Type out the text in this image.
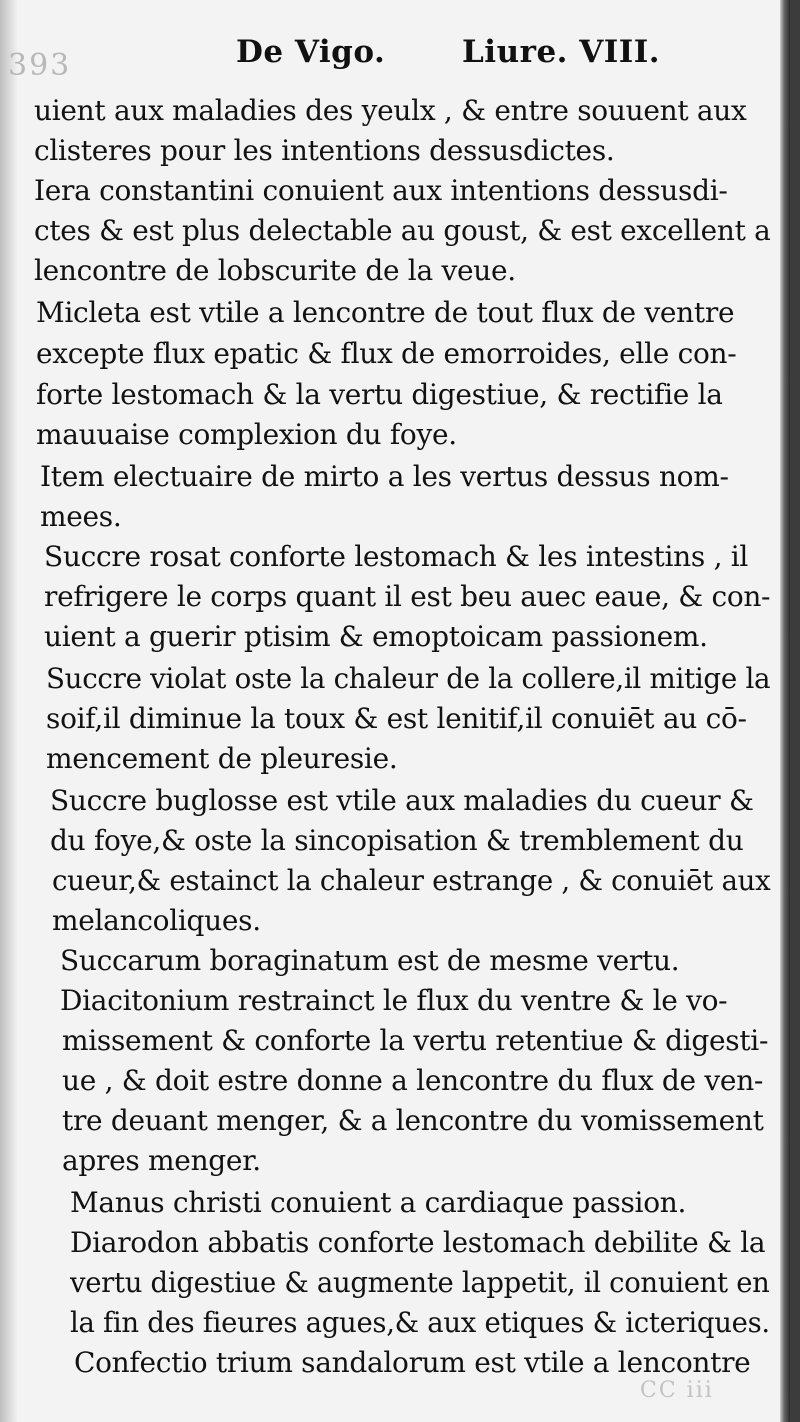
393
CC iii
De Vigo. Liure. VIII.
uient aux maladies des yeulx , & entre souuent aux
clisteres pour les intentions dessusdictes.
Iera constantini conuient aux intentions dessusdi-
ctes & est plus delectable au goust, & est excellent a
lencontre de lobscurite de la veue.
Micleta est vtile a lencontre de tout flux de ventre
excepte flux epatic & flux de emorroides, elle con-
forte lestomach & la vertu digestiue, & rectifie la
mauuaise complexion du foye.
Item electuaire de mirto a les vertus dessus nom-
mees.
Succre rosat conforte lestomach & les intestins , il
refrigere le corps quant il est beu auec eaue, & con-
uient a guerir ptisim & emoptoicam passionem.
Succre violat oste la chaleur de la collere,il mitige la
soif,il diminue la toux & est lenitif,il conuiēt au cō-
mencement de pleuresie.
Succre buglosse est vtile aux maladies du cueur &
du foye,& oste la sincopisation & tremblement du
cueur,& estainct la chaleur estrange , & conuiēt aux
melancoliques.
Succarum boraginatum est de mesme vertu.
Diacitonium restrainct le flux du ventre & le vo-
missement & conforte la vertu retentiue & digesti-
ue , & doit estre donne a lencontre du flux de ven-
tre deuant menger, & a lencontre du vomissement
apres menger.
Manus christi conuient a cardiaque passion.
Diarodon abbatis conforte lestomach debilite & la
vertu digestiue & augmente lappetit, il conuient en
la fin des fieures agues,& aux etiques & icteriques.
Confectio trium sandalorum est vtile a lencontre
